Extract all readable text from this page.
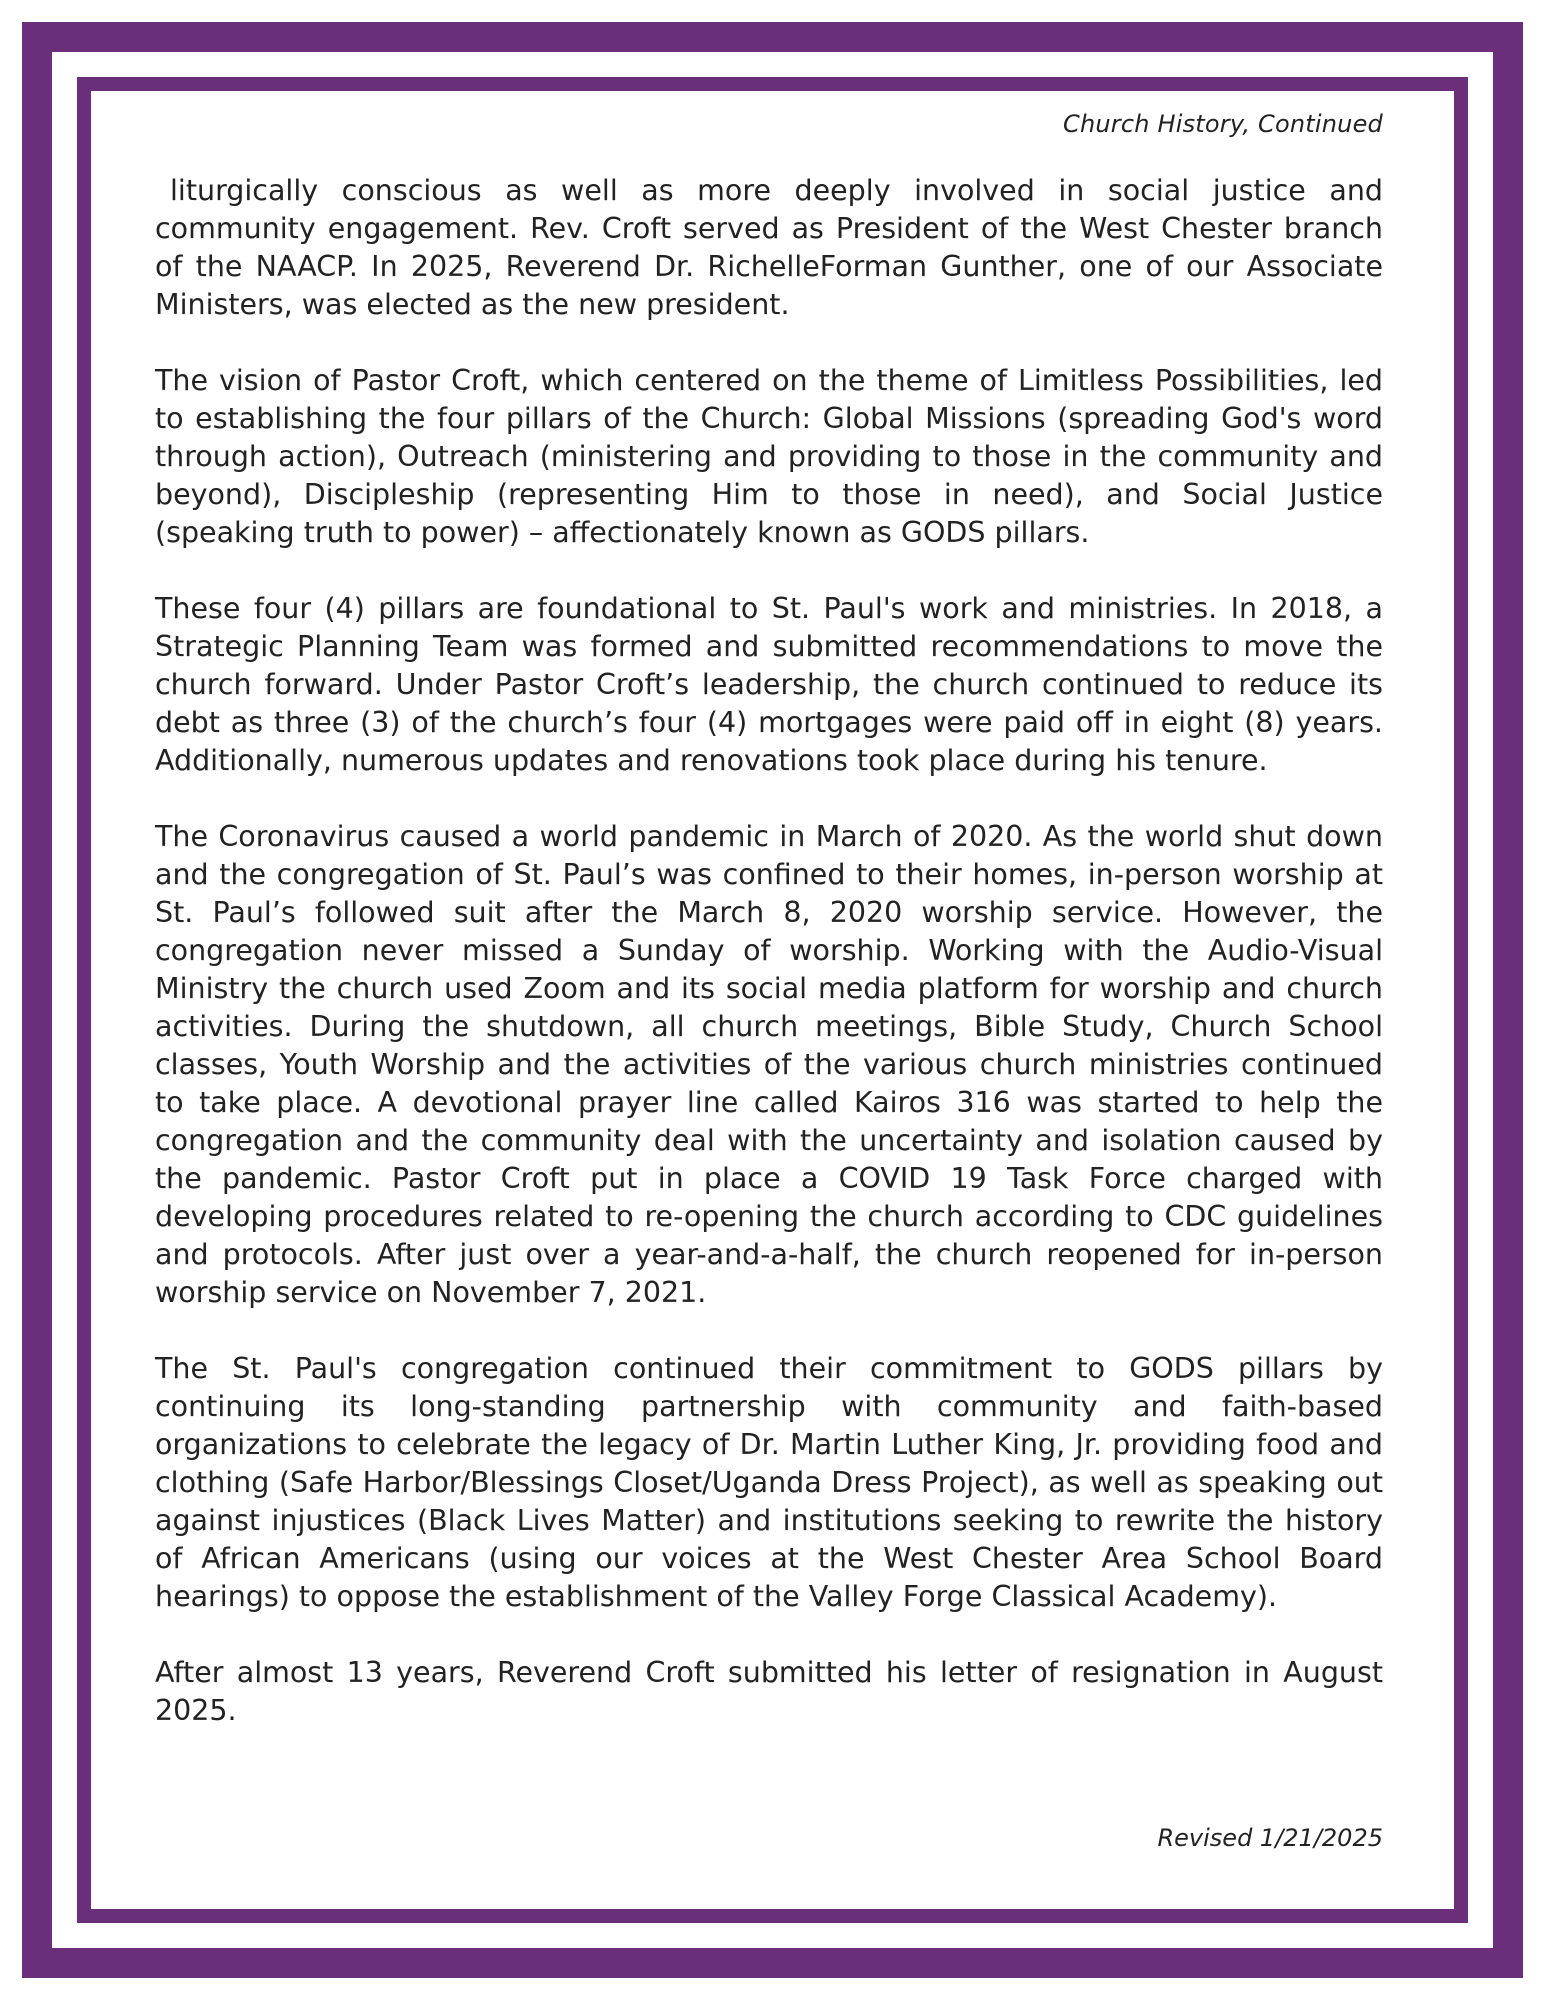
Church History, Continued

liturgically conscious as well as more deeply involved in social justice and community engagement. Rev. Croft served as President of the West Chester branch of the NAACP. In 2025, Reverend Dr. RichelleForman Gunther, one of our Associate Ministers, was elected as the new president.

The vision of Pastor Croft, which centered on the theme of Limitless Possibilities, led to establishing the four pillars of the Church: Global Missions (spreading God's word through action), Outreach (ministering and providing to those in the community and beyond), Discipleship (representing Him to those in need), and Social Justice (speaking truth to power) – affectionately known as GODS pillars.

These four (4) pillars are foundational to St. Paul's work and ministries. In 2018, a Strategic Planning Team was formed and submitted recommendations to move the church forward. Under Pastor Croft’s leadership, the church continued to reduce its debt as three (3) of the church’s four (4) mortgages were paid off in eight (8) years. Additionally, numerous updates and renovations took place during his tenure.

The Coronavirus caused a world pandemic in March of 2020. As the world shut down and the congregation of St. Paul’s was confined to their homes, in-person worship at St. Paul’s followed suit after the March 8, 2020 worship service. However, the congregation never missed a Sunday of worship. Working with the Audio-Visual Ministry the church used Zoom and its social media platform for worship and church activities. During the shutdown, all church meetings, Bible Study, Church School classes, Youth Worship and the activities of the various church ministries continued to take place. A devotional prayer line called Kairos 316 was started to help the congregation and the community deal with the uncertainty and isolation caused by the pandemic. Pastor Croft put in place a COVID 19 Task Force charged with developing procedures related to re-opening the church according to CDC guidelines and protocols. After just over a year-and-a-half, the church reopened for in-person worship service on November 7, 2021.

The St. Paul's congregation continued their commitment to GODS pillars by continuing its long-standing partnership with community and faith-based organizations to celebrate the legacy of Dr. Martin Luther King, Jr. providing food and clothing (Safe Harbor/Blessings Closet/Uganda Dress Project), as well as speaking out against injustices (Black Lives Matter) and institutions seeking to rewrite the history of African Americans (using our voices at the West Chester Area School Board hearings) to oppose the establishment of the Valley Forge Classical Academy).

After almost 13 years, Reverend Croft submitted his letter of resignation in August 2025.

Revised 1/21/2025
